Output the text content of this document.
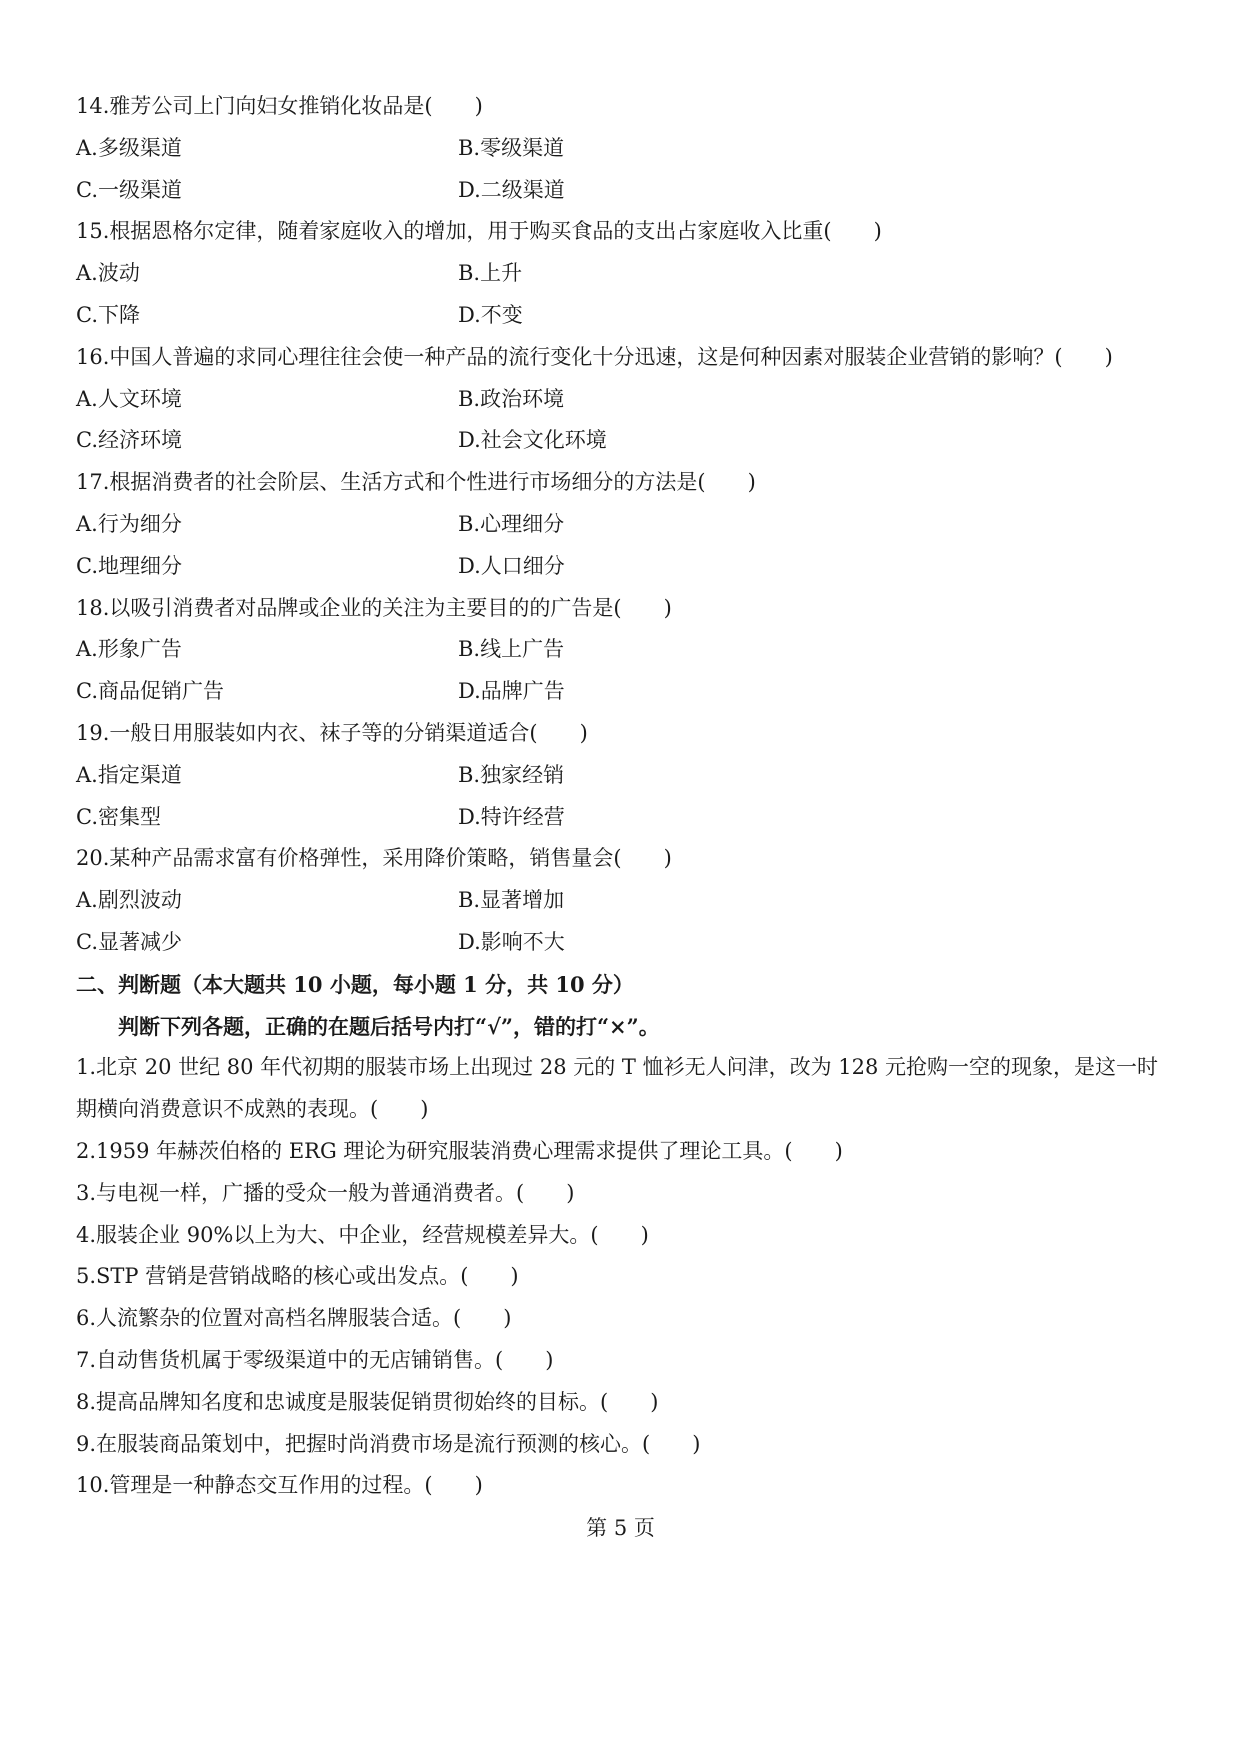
14.雅芳公司上门向妇女推销化妆品是(　　)
A.多级渠道	B.零级渠道
C.一级渠道	D.二级渠道
15.根据恩格尔定律，随着家庭收入的增加，用于购买食品的支出占家庭收入比重(　　)
A.波动	B.上升
C.下降	D.不变
16.中国人普遍的求同心理往往会使一种产品的流行变化十分迅速，这是何种因素对服装企业营销的影响？(　　)
A.人文环境	B.政治环境
C.经济环境	D.社会文化环境
17.根据消费者的社会阶层、生活方式和个性进行市场细分的方法是(　　)
A.行为细分	B.心理细分
C.地理细分	D.人口细分
18.以吸引消费者对品牌或企业的关注为主要目的的广告是(　　)
A.形象广告	B.线上广告
C.商品促销广告	D.品牌广告
19.一般日用服装如内衣、袜子等的分销渠道适合(　　)
A.指定渠道	B.独家经销
C.密集型	D.特许经营
20.某种产品需求富有价格弹性，采用降价策略，销售量会(　　)
A.剧烈波动	B.显著增加
C.显著减少	D.影响不大
二、判断题（本大题共 10 小题，每小题 1 分，共 10 分）
判断下列各题，正确的在题后括号内打“√”，错的打“×”。
1.北京 20 世纪 80 年代初期的服装市场上出现过 28 元的 T 恤衫无人问津，改为 128 元抢购一空的现象，是这一时期横向消费意识不成熟的表现。(　　)
2.1959 年赫茨伯格的 ERG 理论为研究服装消费心理需求提供了理论工具。(　　)
3.与电视一样，广播的受众一般为普通消费者。(　　)
4.服装企业 90%以上为大、中企业，经营规模差异大。(　　)
5.STP 营销是营销战略的核心或出发点。(　　)
6.人流繁杂的位置对高档名牌服装合适。(　　)
7.自动售货机属于零级渠道中的无店铺销售。(　　)
8.提高品牌知名度和忠诚度是服装促销贯彻始终的目标。(　　)
9.在服装商品策划中，把握时尚消费市场是流行预测的核心。(　　)
10.管理是一种静态交互作用的过程。(　　)
第 5 页
